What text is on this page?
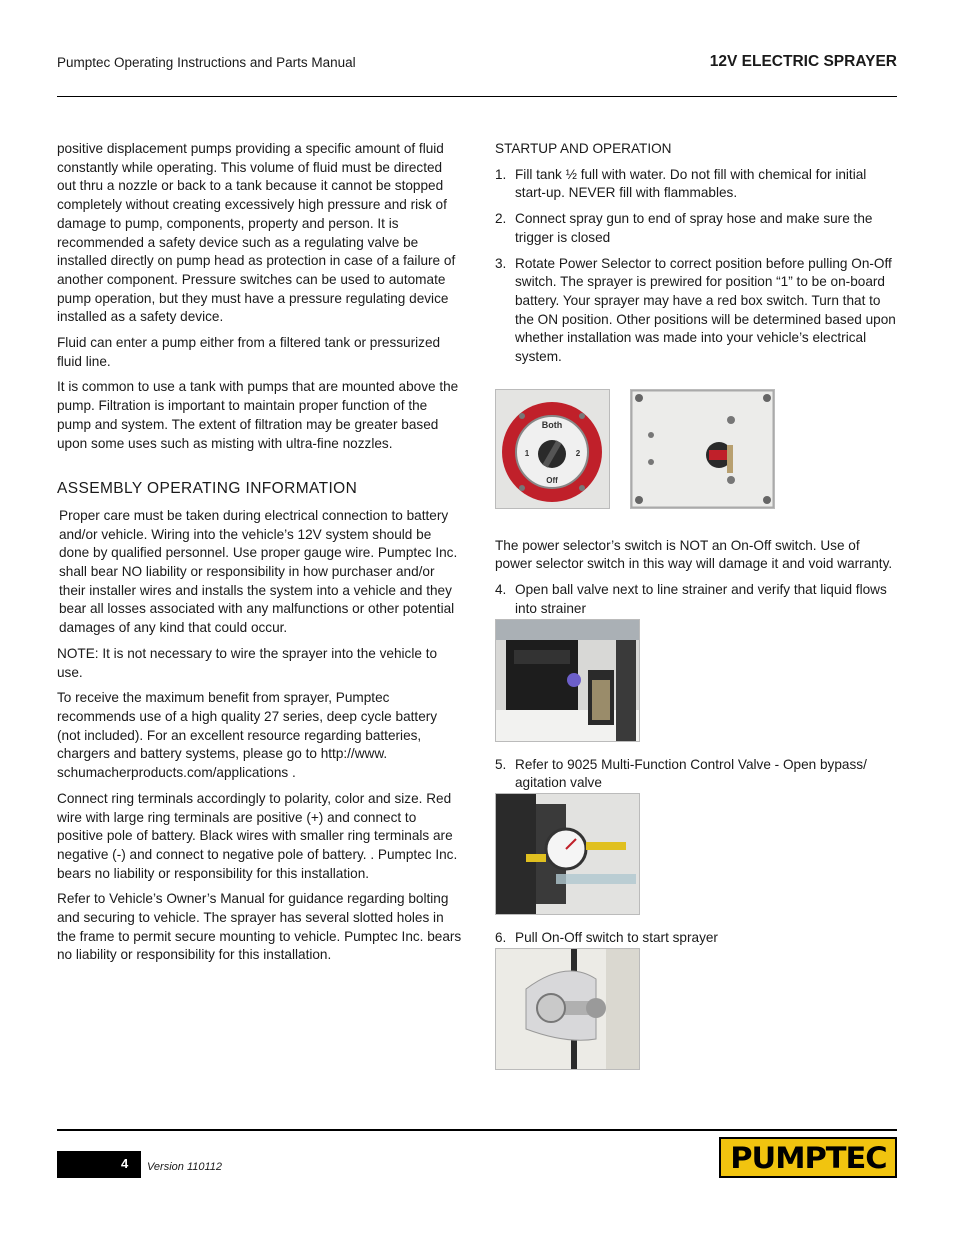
Pumptec Operating Instructions and Parts Manual	12V ELECTRIC SPRAYER

positive displacement pumps providing a specific amount of fluid constantly while operating. This volume of fluid must be directed out thru a nozzle or back to a tank because it cannot be stopped completely without creating excessively high pressure and risk of damage to pump, components, property and person. It is recommended a safety device such as a regulating valve be installed directly on pump head as protection in case of a failure of another component. Pressure switches can be used to automate pump operation, but they must have a pressure regulating device installed as a safety device.

Fluid can enter a pump either from a filtered tank or pressurized fluid line.

It is common to use a tank with pumps that are mounted above the pump. Filtration is important to maintain proper function of the pump and system. The extent of filtration may be greater based upon some uses such as misting with ultra-fine nozzles.

ASSEMBLY OPERATING INFORMATION

Proper care must be taken during electrical connection to battery and/or vehicle. Wiring into the vehicle’s 12V system should be done by qualified personnel. Use proper gauge wire. Pumptec Inc. shall bear NO liability or responsibility in how purchaser and/or their installer wires and installs the system into a vehicle and they bear all losses associated with any malfunctions or other potential damages of any kind that could occur.

NOTE: It is not necessary to wire the sprayer into the vehicle to use.

To receive the maximum benefit from sprayer, Pumptec recommends use of a high quality 27 series, deep cycle battery (not included). For an excellent resource regarding batteries, chargers and battery systems, please go to http://www. schumacherproducts.com/applications .

Connect ring terminals accordingly to polarity, color and size. Red wire with large ring terminals are positive (+) and connect to positive pole of battery. Black wires with smaller ring terminals are negative (-) and connect to negative pole of battery. . Pumptec Inc. bears no liability or responsibility for this installation.

Refer to Vehicle’s Owner’s Manual for guidance regarding bolting and securing to vehicle. The sprayer has several slotted holes in the frame to permit secure mounting to vehicle. Pumptec Inc. bears no liability or responsibility for this installation.

STARTUP AND OPERATION
1. Fill tank ½ full with water. Do not fill with chemical for initial start-up. NEVER fill with flammables.
2. Connect spray gun to end of spray hose and make sure the trigger is closed
3. Rotate Power Selector to correct position before pulling On-Off switch. The sprayer is prewired for position “1” to be on-board battery. Your sprayer may have a red box switch. Turn that to the ON position. Other positions will be determined based upon whether installation was made into your vehicle’s electrical system.
Both
1	2
Off

The power selector’s switch is NOT an On-Off switch. Use of power selector switch in this way will damage it and void warranty.

4. Open ball valve next to line strainer and verify that liquid flows into strainer
5. Refer to 9025 Multi-Function Control Valve - Open bypass/ agitation valve
6. Pull On-Off switch to start sprayer
4 Version 110112	PUMPTEC
